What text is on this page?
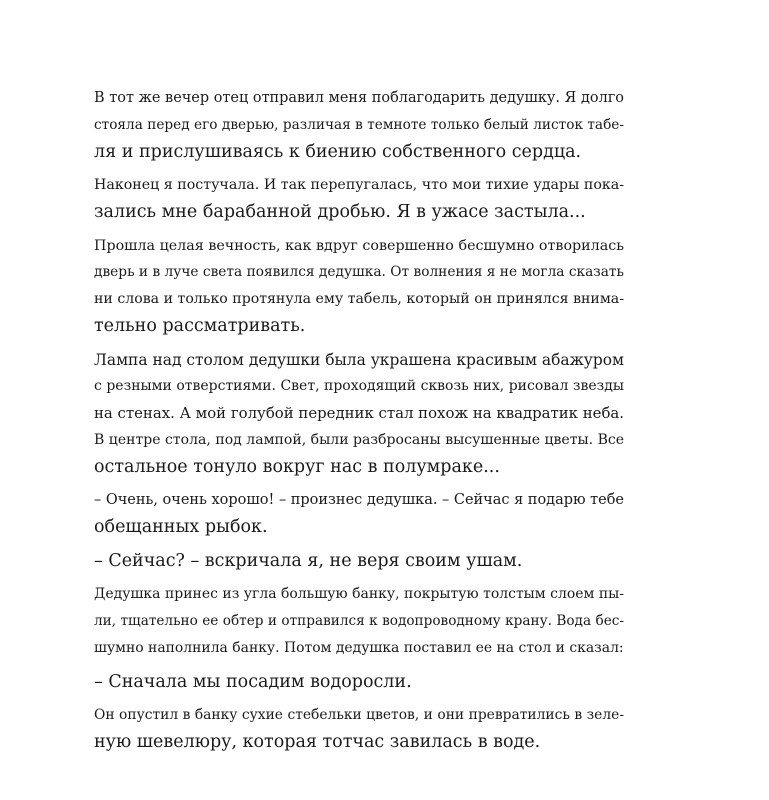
В тот же вечер отец отправил меня поблагодарить дедушку. Я долго
стояла перед его дверью, различая в темноте только белый листок табе-
ля и прислушиваясь к биению собственного сердца.

Наконец я постучала. И так перепугалась, что мои тихие удары пока-
зались мне барабанной дробью. Я в ужасе застыла...

Прошла целая вечность, как вдруг совершенно бесшумно отворилась
дверь и в луче света появился дедушка. От волнения я не могла сказать
ни слова и только протянула ему табель, который он принялся внима-
тельно рассматривать.

Лампа над столом дедушки была украшена красивым абажуром
с резными отверстиями. Свет, проходящий сквозь них, рисовал звезды
на стенах. А мой голубой передник стал похож на квадратик неба.
В центре стола, под лампой, были разбросаны высушенные цветы. Все
остальное тонуло вокруг нас в полумраке...

– Очень, очень хорошо! – произнес дедушка. – Сейчас я подарю тебе
обещанных рыбок.

– Сейчас? – вскричала я, не веря своим ушам.

Дедушка принес из угла большую банку, покрытую толстым слоем пы-
ли, тщательно ее обтер и отправился к водопроводному крану. Вода бес-
шумно наполнила банку. Потом дедушка поставил ее на стол и сказал:

– Сначала мы посадим водоросли.

Он опустил в банку сухие стебельки цветов, и они превратились в зеле-
ную шевелюру, которая тотчас завилась в воде.
